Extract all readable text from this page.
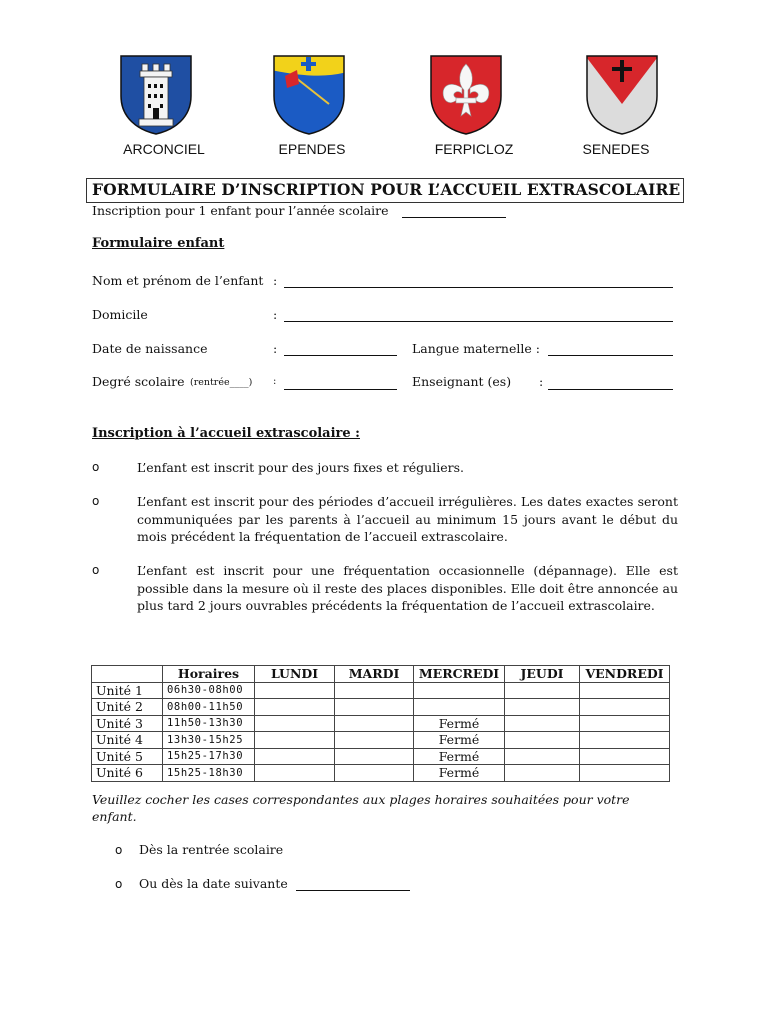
ARCONCIEL	EPENDES	FERPICLOZ	SENEDES
FORMULAIRE D’INSCRIPTION POUR L’ACCUEIL EXTRASCOLAIRE
Inscription pour 1 enfant pour l’année scolaire
Formulaire enfant
Nom et prénom de l’enfant :
Domicile	:
Date de naissance	:	Langue maternelle :
Degré scolaire (rentrée____) :	Enseignant (es) :
Inscription à l’accueil extrascolaire :
o	L’enfant est inscrit pour des jours fixes et réguliers.
o	L’enfant est inscrit pour des périodes d’accueil irrégulières. Les dates exactes seront communiquées par les parents à l’accueil au minimum 15 jours avant le début du mois précédent la fréquentation de l’accueil extrascolaire.
o	L’enfant est inscrit pour une fréquentation occasionnelle (dépannage). Elle est possible dans la mesure où il reste des places disponibles. Elle doit être annoncée au plus tard 2 jours ouvrables précédents la fréquentation de l’accueil extrascolaire.
	Horaires	LUNDI	MARDI	MERCREDI	JEUDI	VENDREDI
Unité 1	06h30-08h00					
Unité 2	08h00-11h50					
Unité 3	11h50-13h30			Fermé		
Unité 4	13h30-15h25			Fermé		
Unité 5	15h25-17h30			Fermé		
Unité 6	15h25-18h30			Fermé		
Veuillez cocher les cases correspondantes aux plages horaires souhaitées pour votre enfant.
o Dès la rentrée scolaire
o Ou dès la date suivante
